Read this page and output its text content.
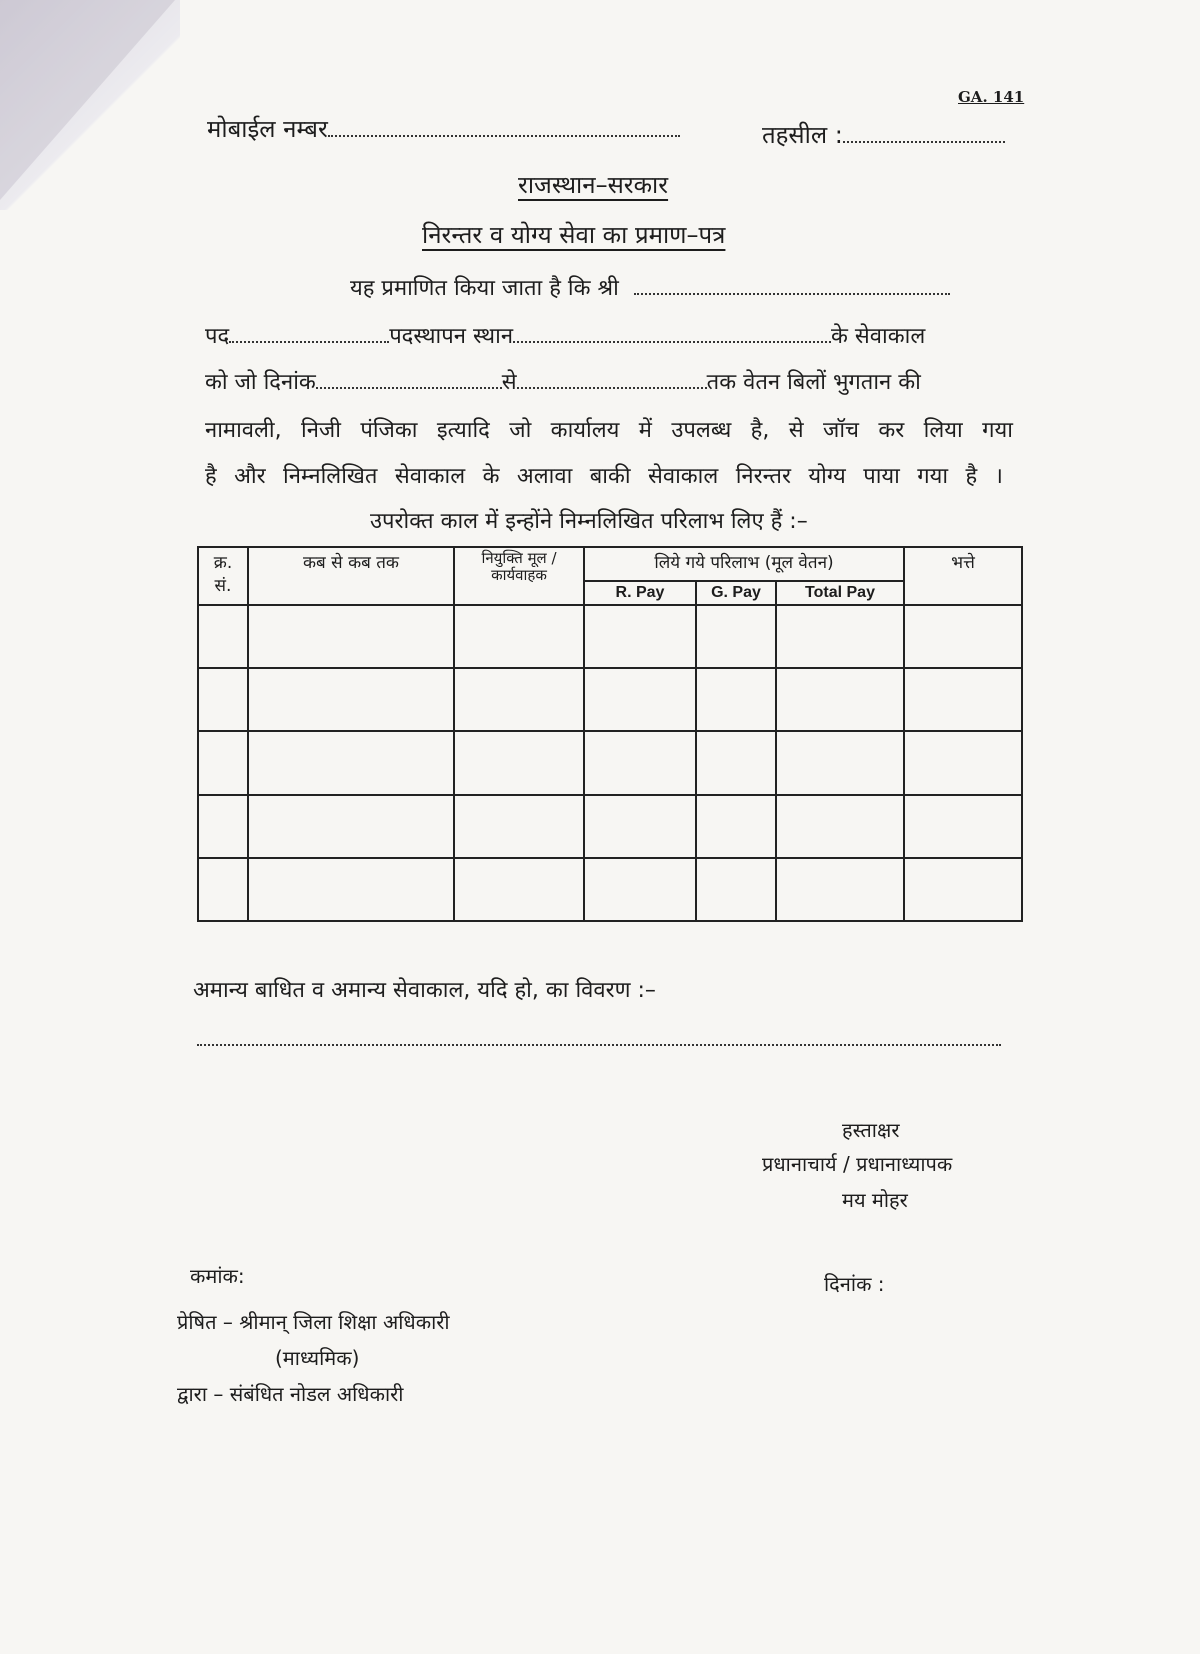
GA. 141
मोबाईल नम्बर	तहसील :
राजस्थान–सरकार
निरन्तर व योग्य सेवा का प्रमाण–पत्र
यह प्रमाणित किया जाता है कि श्री
पद	पदस्थापन स्थान	के सेवाकाल
को जो दिनांक	से	तक वेतन बिलों भुगतान की
नामावली, निजी पंजिका इत्यादि जो कार्यालय में उपलब्ध है, से जॉच कर लिया गया
है और निम्नलिखित सेवाकाल के अलावा बाकी सेवाकाल निरन्तर योग्य पाया गया है ।
उपरोक्त काल में इन्होंने निम्नलिखित परिलाभ लिए हैं :–
क्र. सं.	कब से कब तक	नियुक्ति मूल / कार्यवाहक	लिये गये परिलाभ (मूल वेतन)			भत्ते
			R. Pay	G. Pay	Total Pay	

अमान्य बाधित व अमान्य सेवाकाल, यदि हो, का विवरण :–
हस्ताक्षर
प्रधानाचार्य / प्रधानाध्यापक
मय मोहर
कमांक:	दिनांक :
प्रेषित – श्रीमान् जिला शिक्षा अधिकारी
(माध्यमिक)
द्वारा – संबंधित नोडल अधिकारी
